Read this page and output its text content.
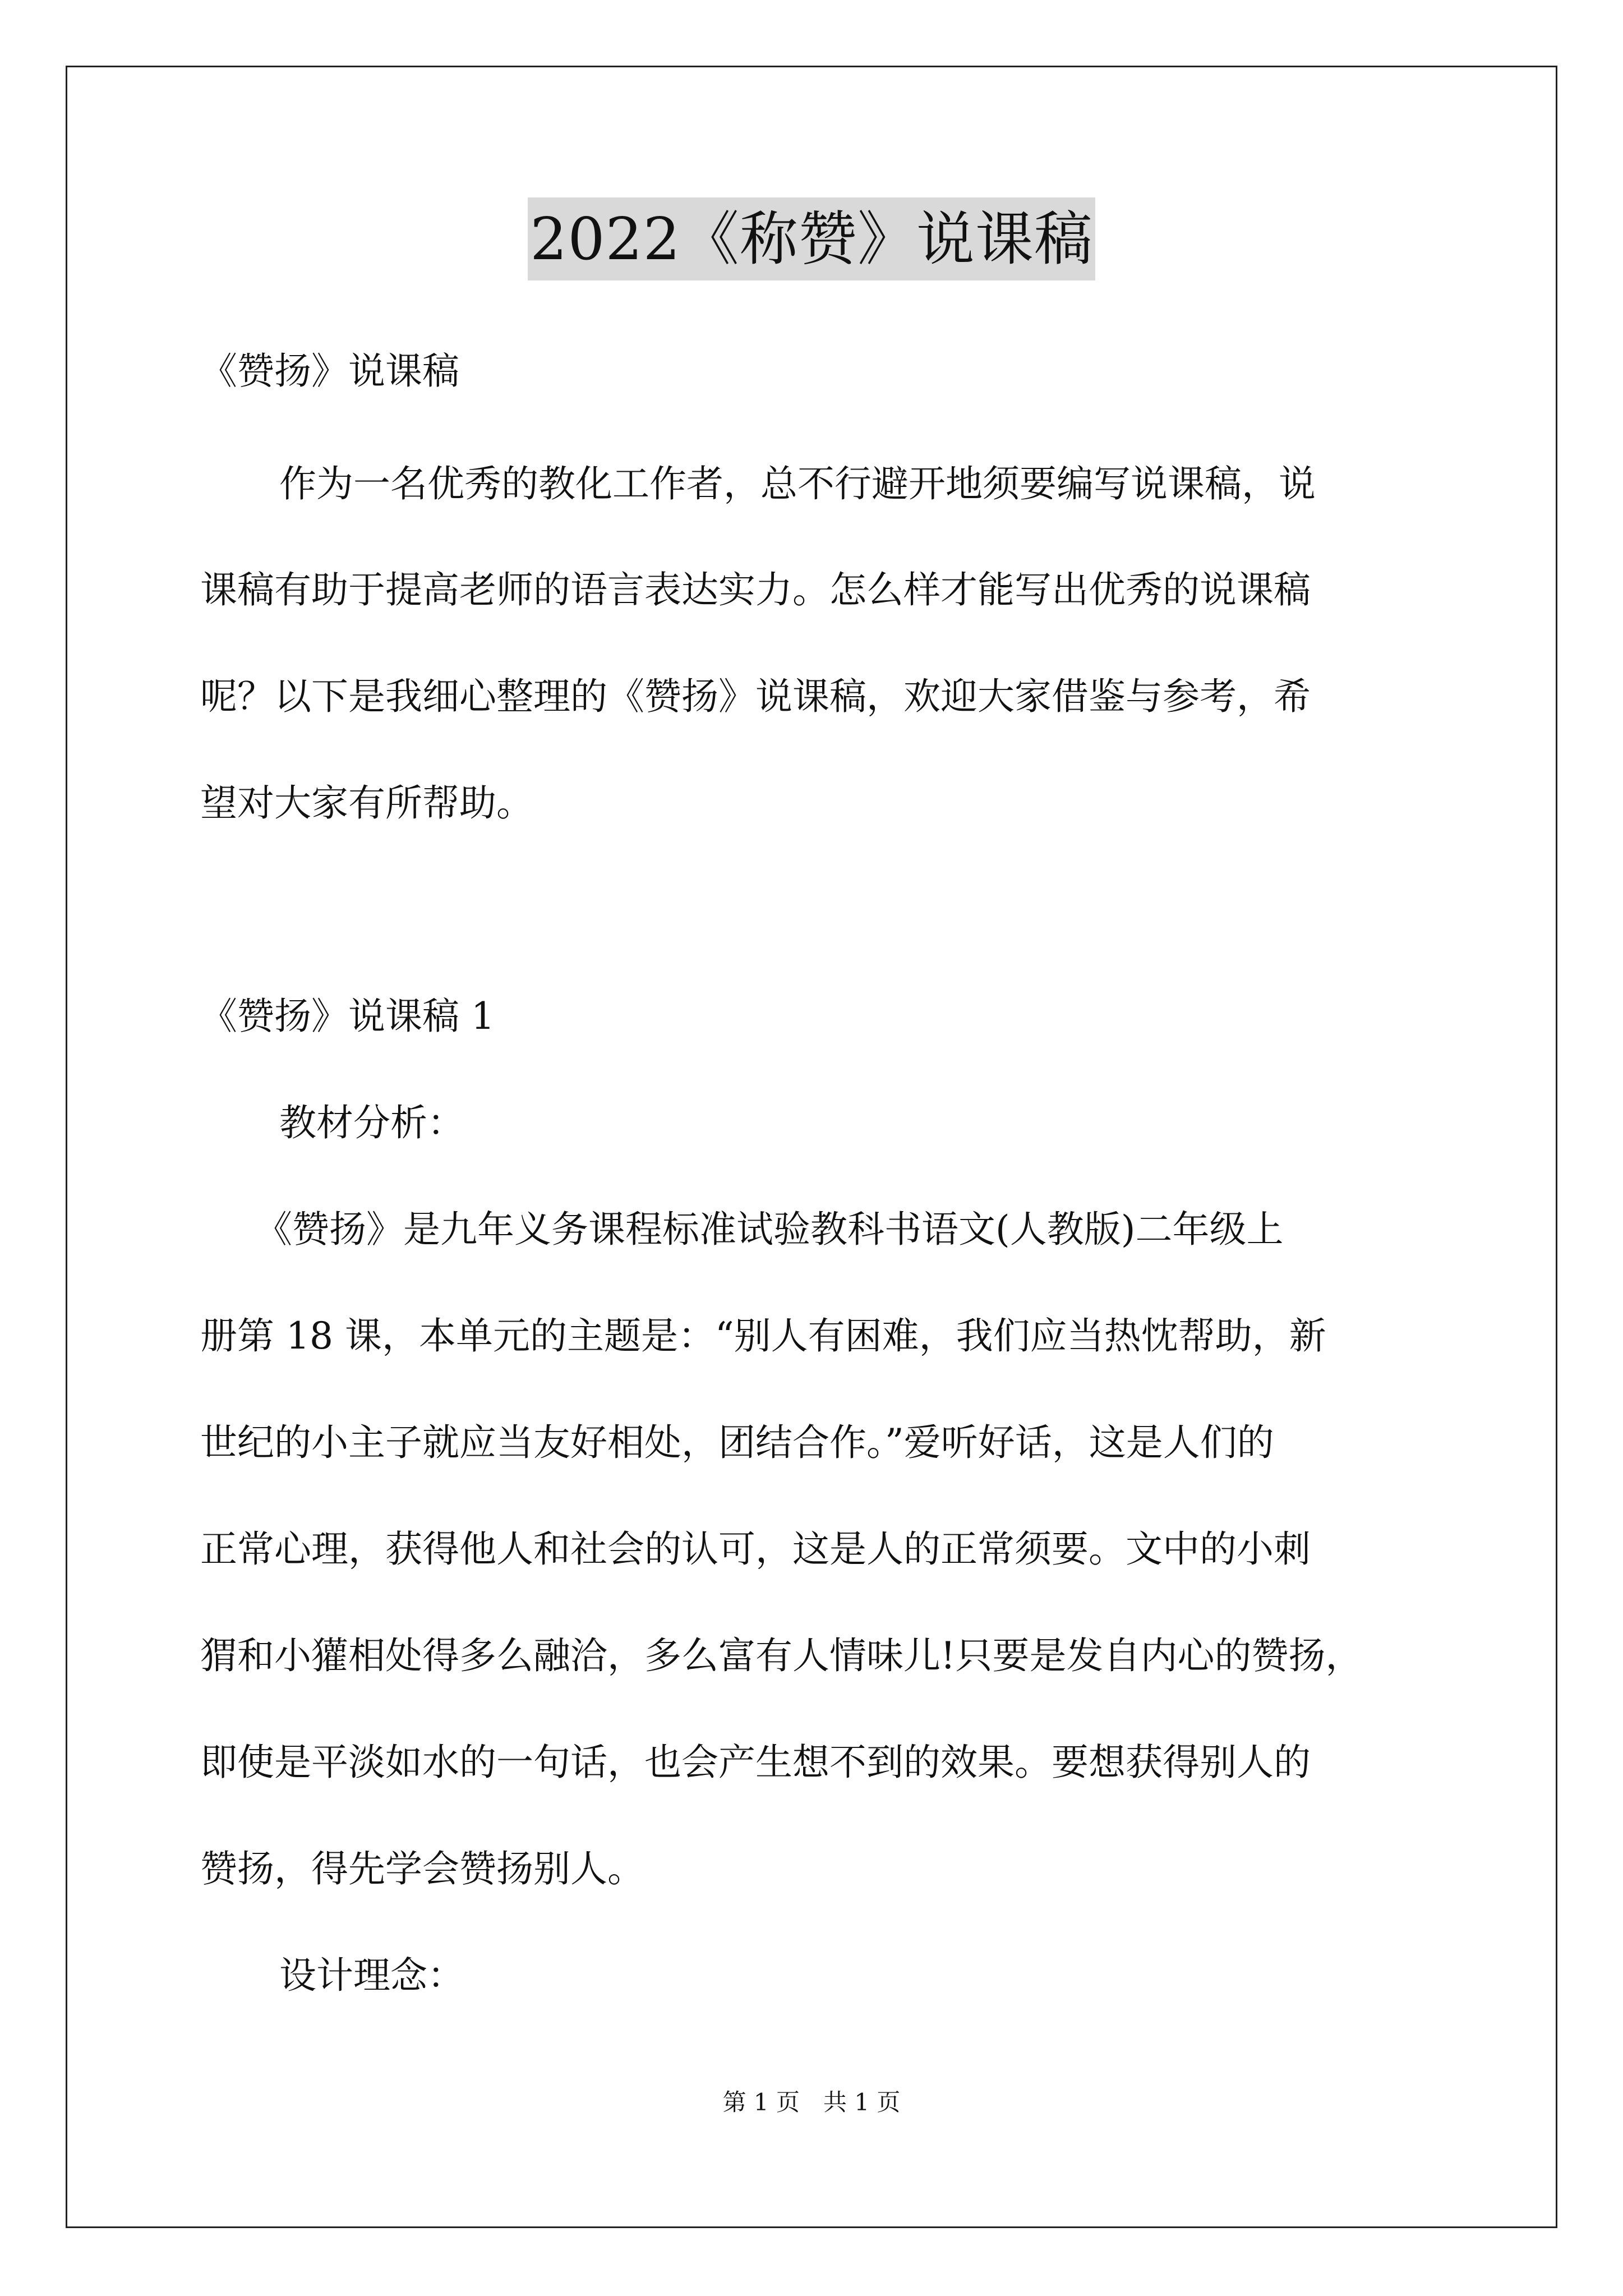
2022《称赞》说课稿
《赞扬》说课稿
作为一名优秀的教化工作者，总不行避开地须要编写说课稿，说
课稿有助于提高老师的语言表达实力。怎么样才能写出优秀的说课稿
呢？以下是我细心整理的《赞扬》说课稿，欢迎大家借鉴与参考，希
望对大家有所帮助。
《赞扬》说课稿 1
教材分析：
《赞扬》是九年义务课程标准试验教科书语文(人教版)二年级上
册第 18 课，本单元的主题是：“别人有困难，我们应当热忱帮助，新
世纪的小主子就应当友好相处，团结合作。”爱听好话，这是人们的
正常心理，获得他人和社会的认可，这是人的正常须要。文中的小刺
猬和小獾相处得多么融洽，多么富有人情味儿!只要是发自内心的赞扬，
即使是平淡如水的一句话，也会产生想不到的效果。要想获得别人的
赞扬，得先学会赞扬别人。
设计理念：
第 1 页　共 1 页
